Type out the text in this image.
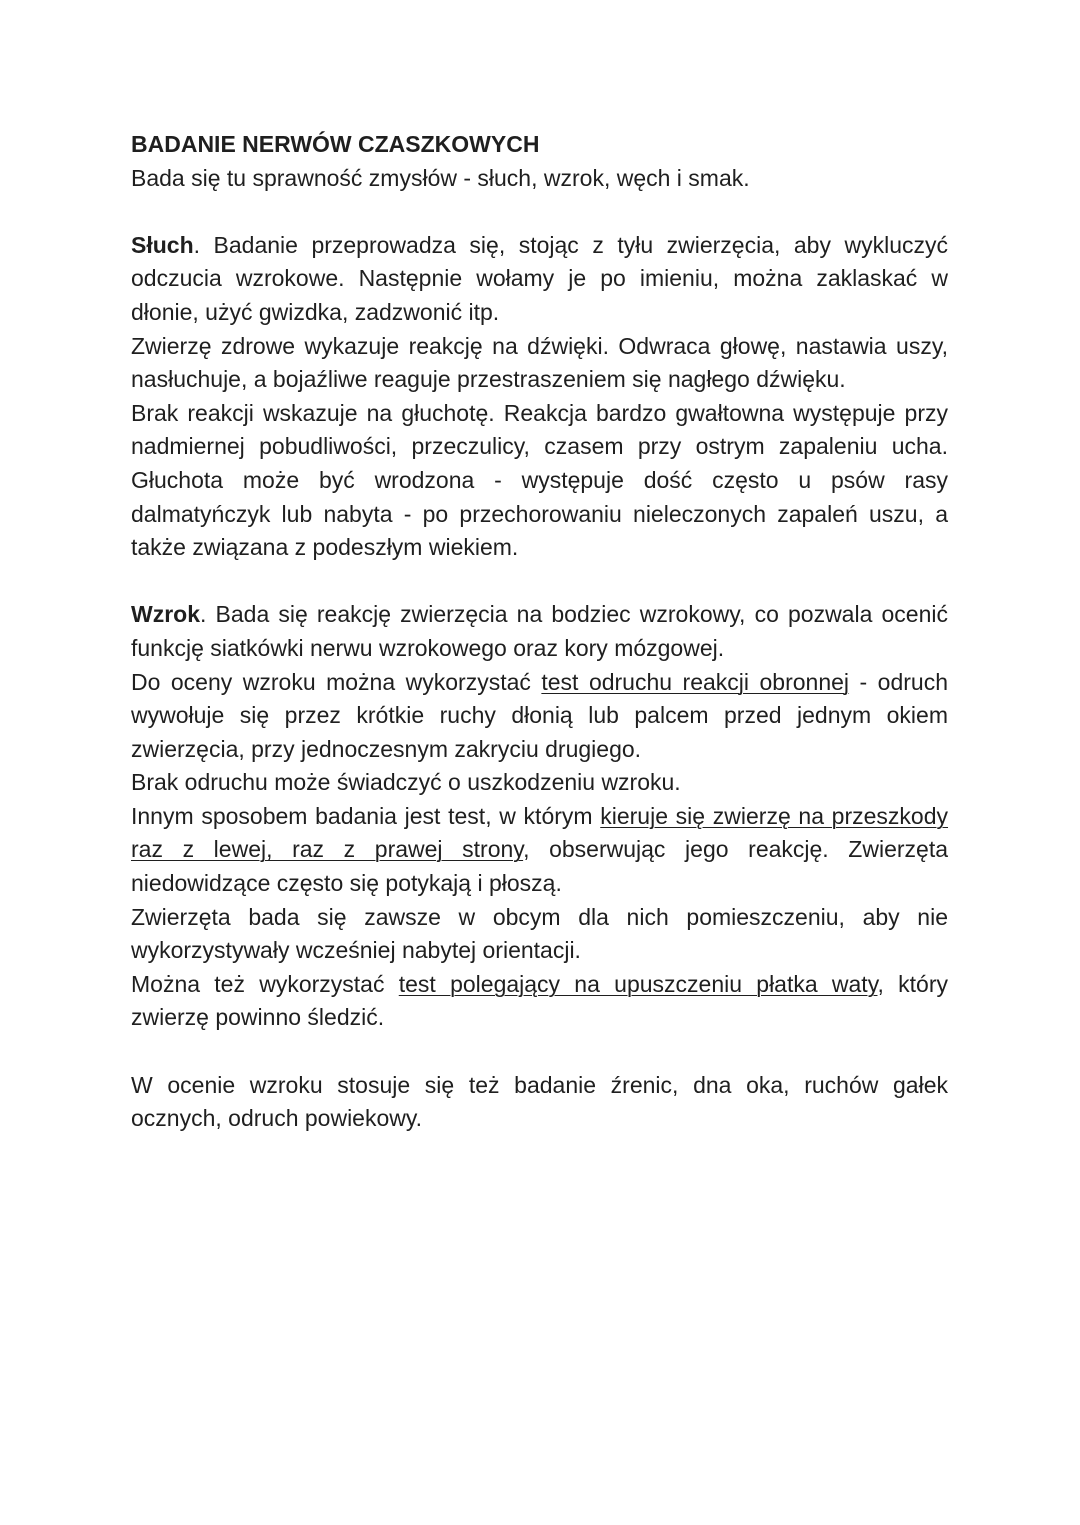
BADANIE NERWÓW CZASZKOWYCH

Bada się tu sprawność zmysłów - słuch, wzrok, węch i smak.

Słuch. Badanie przeprowadza się, stojąc z tyłu zwierzęcia, aby wykluczyć odczucia wzrokowe. Następnie wołamy je po imieniu, można zaklaskać w dłonie, użyć gwizdka, zadzwonić itp.

Zwierzę zdrowe wykazuje reakcję na dźwięki. Odwraca głowę, nastawia uszy, nasłuchuje, a bojaźliwe reaguje przestraszeniem się nagłego dźwięku.

Brak reakcji wskazuje na głuchotę. Reakcja bardzo gwałtowna występuje przy nadmiernej pobudliwości, przeczulicy, czasem przy ostrym zapaleniu ucha. Głuchota może być wrodzona - występuje dość często u psów rasy dalmatyńczyk lub nabyta - po przechorowaniu nieleczonych zapaleń uszu, a także związana z podeszłym wiekiem.

Wzrok. Bada się reakcję zwierzęcia na bodziec wzrokowy, co pozwala ocenić funkcję siatkówki nerwu wzrokowego oraz kory mózgowej.

Do oceny wzroku można wykorzystać test odruchu reakcji obronnej - odruch wywołuje się przez krótkie ruchy dłonią lub palcem przed jednym okiem zwierzęcia, przy jednoczesnym zakryciu drugiego.

Brak odruchu może świadczyć o uszkodzeniu wzroku.

Innym sposobem badania jest test, w którym kieruje się zwierzę na przeszkody raz z lewej, raz z prawej strony, obserwując jego reakcję. Zwierzęta niedowidzące często się potykają i płoszą.

Zwierzęta bada się zawsze w obcym dla nich pomieszczeniu, aby nie wykorzystywały wcześniej nabytej orientacji.

Można też wykorzystać test polegający na upuszczeniu płatka waty, który zwierzę powinno śledzić.

W ocenie wzroku stosuje się też badanie źrenic, dna oka, ruchów gałek ocznych, odruch powiekowy.
